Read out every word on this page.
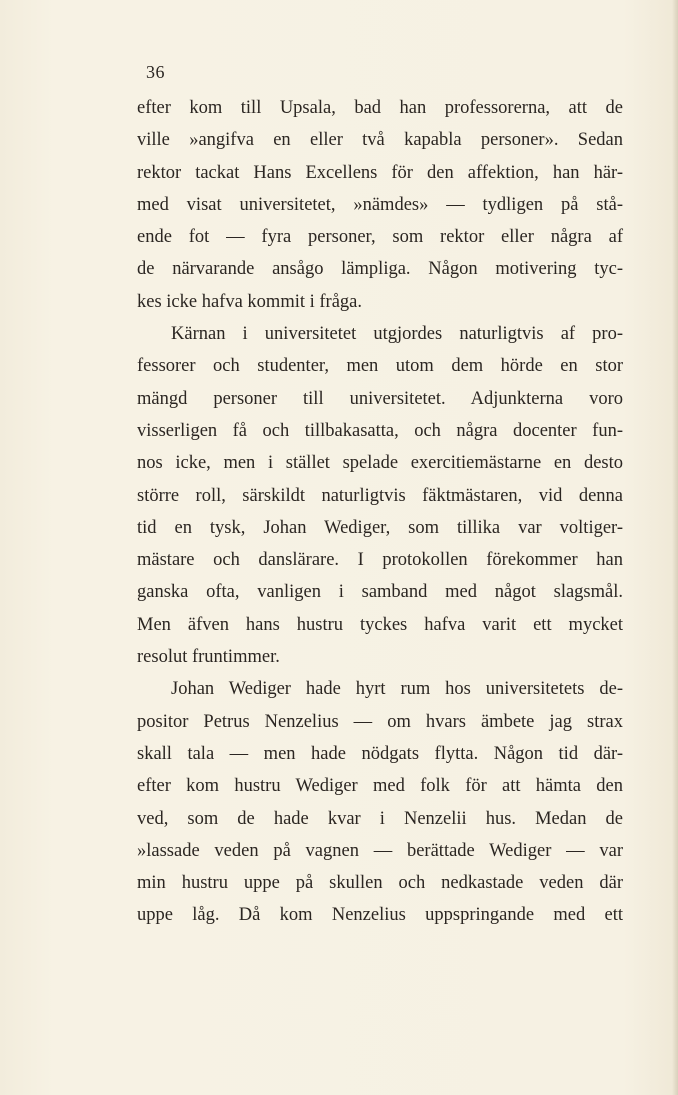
36
efter kom till Upsala, bad han professorerna, att de
ville »angifva en eller två kapabla personer». Sedan
rektor tackat Hans Excellens för den affektion, han här-
med visat universitetet, »nämdes» — tydligen på stå-
ende fot — fyra personer, som rektor eller några af
de närvarande ansågo lämpliga. Någon motivering tyc-
kes icke hafva kommit i fråga.
Kärnan i universitetet utgjordes naturligtvis af pro-
fessorer och studenter, men utom dem hörde en stor
mängd personer till universitetet. Adjunkterna voro
visserligen få och tillbakasatta, och några docenter fun-
nos icke, men i stället spelade exercitiemästarne en desto
större roll, särskildt naturligtvis fäktmästaren, vid denna
tid en tysk, Johan Wediger, som tillika var voltiger-
mästare och danslärare. I protokollen förekommer han
ganska ofta, vanligen i samband med något slagsmål.
Men äfven hans hustru tyckes hafva varit ett mycket
resolut fruntimmer.
Johan Wediger hade hyrt rum hos universitetets de-
positor Petrus Nenzelius — om hvars ämbete jag strax
skall tala — men hade nödgats flytta. Någon tid där-
efter kom hustru Wediger med folk för att hämta den
ved, som de hade kvar i Nenzelii hus. Medan de
»lassade veden på vagnen — berättade Wediger — var
min hustru uppe på skullen och nedkastade veden där
uppe låg. Då kom Nenzelius uppspringande med ett
